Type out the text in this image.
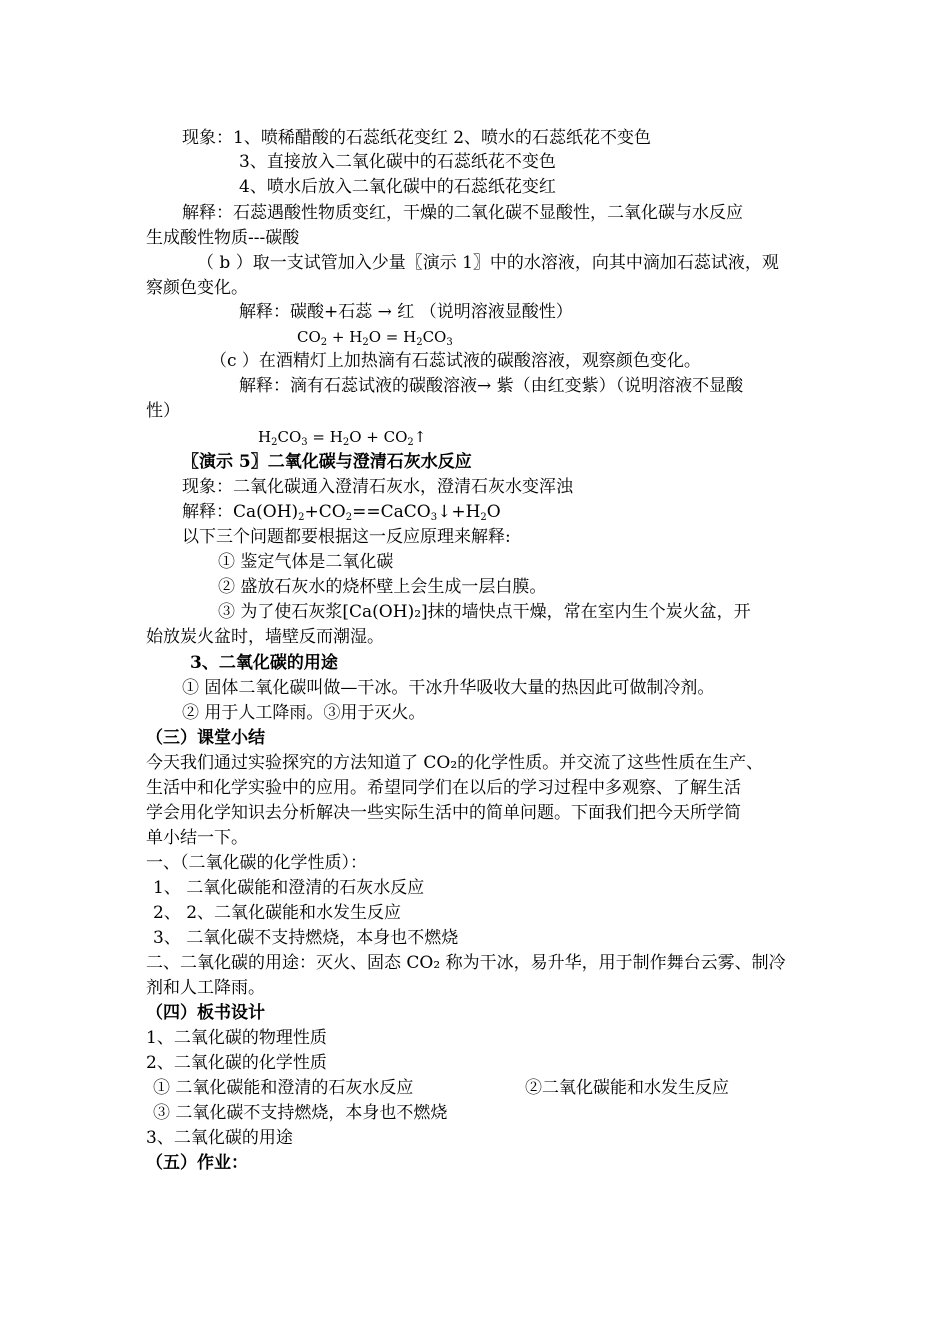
现象：1、喷稀醋酸的石蕊纸花变红 2、喷水的石蕊纸花不变色
3、直接放入二氧化碳中的石蕊纸花不变色
4、喷水后放入二氧化碳中的石蕊纸花变红
解释：石蕊遇酸性物质变红，干燥的二氧化碳不显酸性，二氧化碳与水反应
生成酸性物质---碳酸
（ b ）取一支试管加入少量〖演示 1〗中的水溶液，向其中滴加石蕊试液，观
察颜色变化。
解释：碳酸+石蕊 → 红 （说明溶液显酸性）
$CO_2 + H_2O = H_2CO_3$
（c ）在酒精灯上加热滴有石蕊试液的碳酸溶液，观察颜色变化。
解释：滴有石蕊试液的碳酸溶液→ 紫（由红变紫）（说明溶液不显酸
性）
$H_2CO_3 = H_2O$ + $CO_2↑$
〖演示 5〗二氧化碳与澄清石灰水反应
现象：二氧化碳通入澄清石灰水，澄清石灰水变浑浊
解释：$Ca(OH)_2+CO_2==CaCO_3↓+H_2O$
以下三个问题都要根据这一反应原理来解释:
① 鉴定气体是二氧化碳
② 盛放石灰水的烧杯壁上会生成一层白膜。
③ 为了使石灰浆[Ca(OH)₂]抹的墙快点干燥，常在室内生个炭火盆，开
始放炭火盆时，墙壁反而潮湿。
3、二氧化碳的用途
① 固体二氧化碳叫做—干冰。干冰升华吸收大量的热因此可做制冷剂。
② 用于人工降雨。③用于灭火。
（三）课堂小结
今天我们通过实验探究的方法知道了 CO₂的化学性质。并交流了这些性质在生产、
生活中和化学实验中的应用。希望同学们在以后的学习过程中多观察、了解生活
学会用化学知识去分析解决一些实际生活中的简单问题。下面我们把今天所学简
单小结一下。
一、（二氧化碳的化学性质）：
1、 二氧化碳能和澄清的石灰水反应
2、 2、二氧化碳能和水发生反应
3、 二氧化碳不支持燃烧，本身也不燃烧
二、二氧化碳的用途：灭火、固态 CO₂ 称为干冰，易升华，用于制作舞台云雾、制冷
剂和人工降雨。
（四）板书设计
1、二氧化碳的物理性质
2、二氧化碳的化学性质
① 二氧化碳能和澄清的石灰水反应	②二氧化碳能和水发生反应
③ 二氧化碳不支持燃烧，本身也不燃烧
3、二氧化碳的用途
（五）作业：
